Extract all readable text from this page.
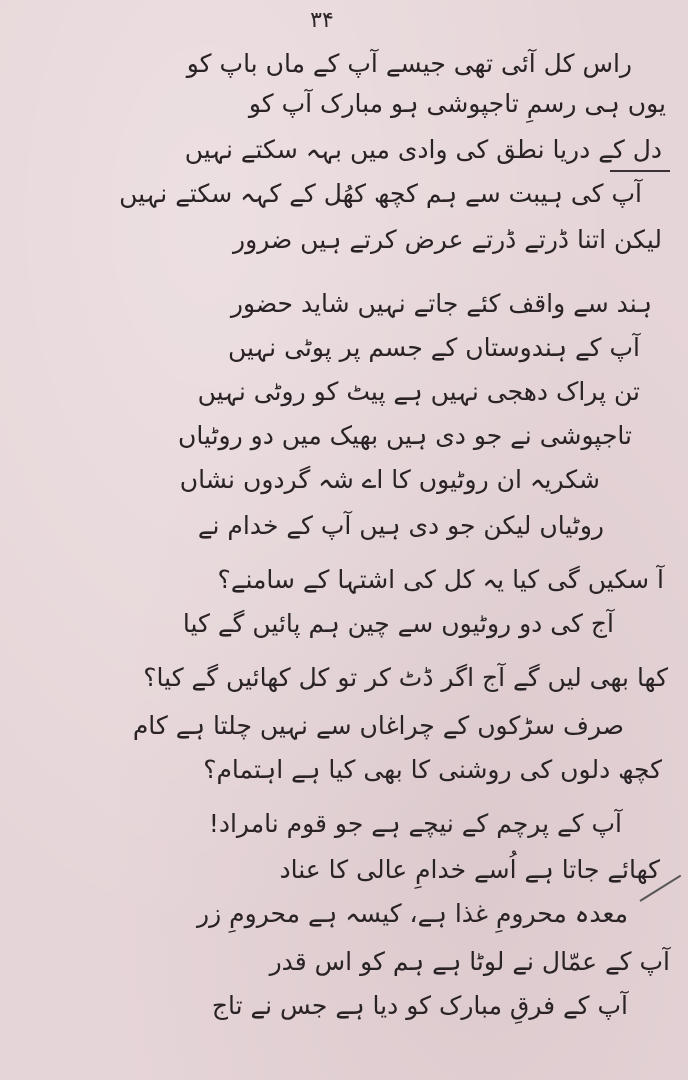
۳۴
راس کل آئی تھی جیسے آپ کے ماں باپ کو
یوں ہی رسمِ تاجپوشی ہو مبارک آپ کو
دل کے دریا نطق کی وادی میں بہہ سکتے نہیں
آپ کی ہیبت سے ہم کچھ کھُل کے کہہ سکتے نہیں
لیکن اتنا ڈرتے ڈرتے عرض کرتے ہیں ضرور
ہند سے واقف کئے جاتے نہیں شاید حضور
آپ کے ہندوستاں کے جسم پر پوٹی نہیں
تن پراک دھجی نہیں ہے پیٹ کو روٹی نہیں
تاجپوشی نے جو دی ہیں بھیک میں دو روٹیاں
شکریہ ان روٹیوں کا اے شہ گردوں نشاں
روٹیاں لیکن جو دی ہیں آپ کے خدام نے
آ سکیں گی کیا یہ کل کی اشتہا کے سامنے؟
آج کی دو روٹیوں سے چین ہم پائیں گے کیا
کھا بھی لیں گے آج اگر ڈٹ کر تو کل کھائیں گے کیا؟
صرف سڑکوں کے چراغاں سے نہیں چلتا ہے کام
کچھ دلوں کی روشنی کا بھی کیا ہے اہتمام؟
آپ کے پرچم کے نیچے ہے جو قوم نامراد!
کھائے جاتا ہے اُسے خدامِ عالی کا عناد
معدہ محرومِ غذا ہے، کیسہ ہے محرومِ زر
آپ کے عمّال نے لوٹا ہے ہم کو اس قدر
آپ کے فرقِ مبارک کو دیا ہے جس نے تاج
